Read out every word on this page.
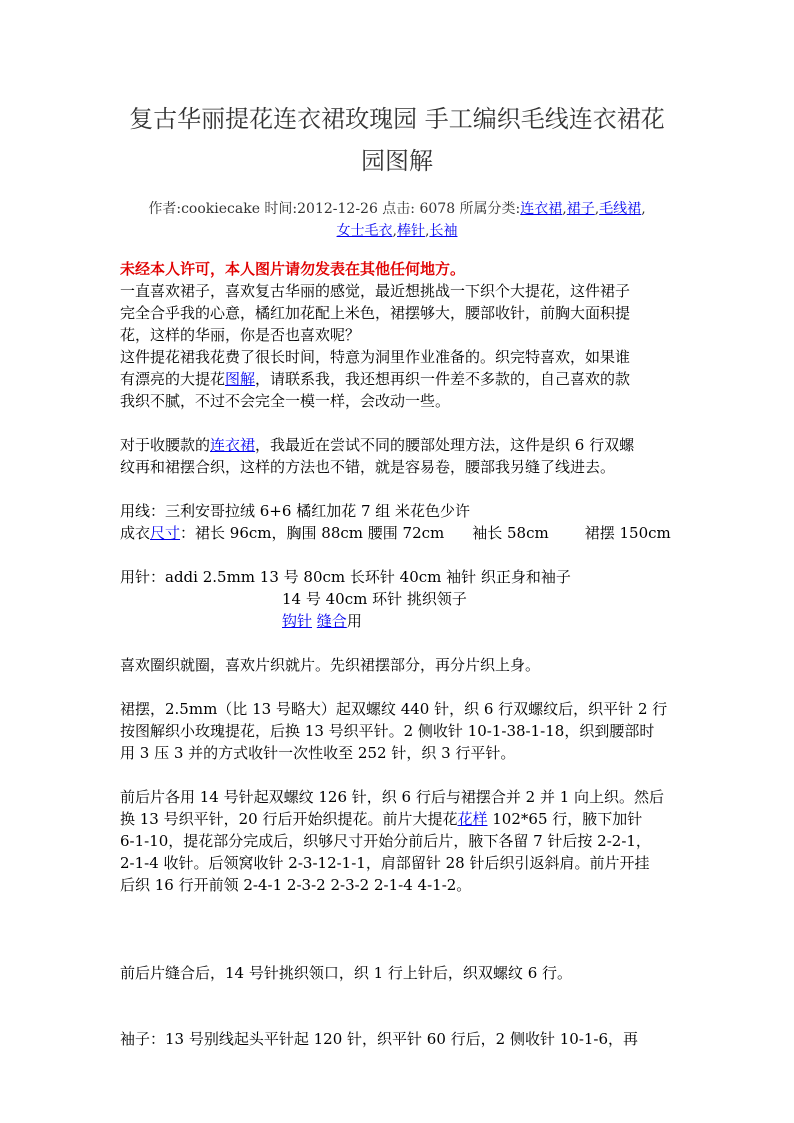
复古华丽提花连衣裙玫瑰园 手工编织毛线连衣裙花
园图解
作者:cookiecake 时间:2012-12-26 点击: 6078 所属分类:连衣裙,裙子,毛线裙,
女士毛衣,棒针,长袖

未经本人许可，本人图片请勿发表在其他任何地方。

一直喜欢裙子，喜欢复古华丽的感觉，最近想挑战一下织个大提花，这件裙子

完全合乎我的心意，橘红加花配上米色，裙摆够大，腰部收针，前胸大面积提

花，这样的华丽，你是否也喜欢呢？

这件提花裙我花费了很长时间，特意为洞里作业准备的。织完特喜欢，如果谁

有漂亮的大提花图解，请联系我，我还想再织一件差不多款的，自己喜欢的款

我织不腻，不过不会完全一模一样，会改动一些。

对于收腰款的连衣裙，我最近在尝试不同的腰部处理方法，这件是织 6 行双螺

纹再和裙摆合织，这样的方法也不错，就是容易卷，腰部我另缝了线进去。

用线：三利安哥拉绒 6+6 橘红加花 7 组 米花色少许

成衣尺寸：裙长 96cm，胸围 88cm 腰围 72cm 袖长 58cm 裙摆 150cm

用针：addi 2.5mm 13 号 80cm 长环针 40cm 袖针 织正身和袖子

14 号 40cm 环针 挑织领子

钩针 缝合用

喜欢圈织就圈，喜欢片织就片。先织裙摆部分，再分片织上身。

裙摆，2.5mm（比 13 号略大）起双螺纹 440 针，织 6 行双螺纹后，织平针 2 行

按图解织小玫瑰提花，后换 13 号织平针。2 侧收针 10-1-38-1-18，织到腰部时

用 3 压 3 并的方式收针一次性收至 252 针，织 3 行平针。

前后片各用 14 号针起双螺纹 126 针，织 6 行后与裙摆合并 2 并 1 向上织。然后

换 13 号织平针，20 行后开始织提花。前片大提花花样 102*65 行，腋下加针

6-1-10，提花部分完成后，织够尺寸开始分前后片，腋下各留 7 针后按 2-2-1，

2-1-4 收针。后领窝收针 2-3-12-1-1，肩部留针 28 针后织引返斜肩。前片开挂

后织 16 行开前领 2-4-1 2-3-2 2-3-2 2-1-4 4-1-2。

前后片缝合后，14 号针挑织领口，织 1 行上针后，织双螺纹 6 行。

袖子：13 号别线起头平针起 120 针，织平针 60 行后，2 侧收针 10-1-6，再
